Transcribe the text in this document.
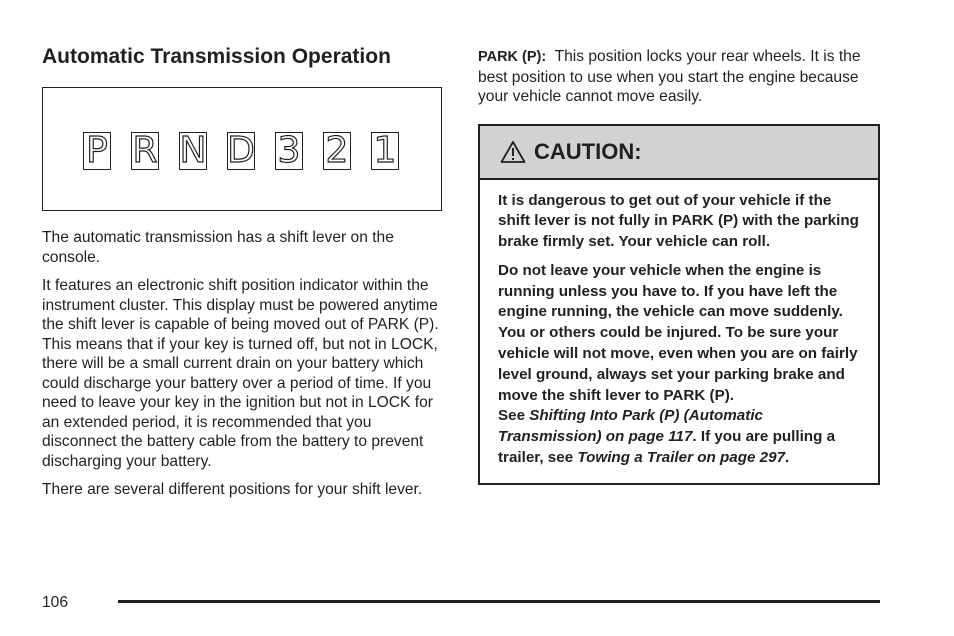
Automatic Transmission Operation
P R N D 3 2 1

The automatic transmission has a shift lever on the console.

It features an electronic shift position indicator within the instrument cluster. This display must be powered anytime the shift lever is capable of being moved out of PARK (P). This means that if your key is turned off, but not in LOCK, there will be a small current drain on your battery which could discharge your battery over a period of time. If you need to leave your key in the ignition but not in LOCK for an extended period, it is recommended that you disconnect the battery cable from the battery to prevent discharging your battery.

There are several different positions for your shift lever.

PARK (P): This position locks your rear wheels. It is the best position to use when you start the engine because your vehicle cannot move easily.

CAUTION:

It is dangerous to get out of your vehicle if the shift lever is not fully in PARK (P) with the parking brake firmly set. Your vehicle can roll.

Do not leave your vehicle when the engine is running unless you have to. If you have left the engine running, the vehicle can move suddenly. You or others could be injured. To be sure your vehicle will not move, even when you are on fairly level ground, always set your parking brake and move the shift lever to PARK (P).
See Shifting Into Park (P) (Automatic Transmission) on page 117. If you are pulling a trailer, see Towing a Trailer on page 297.

106
